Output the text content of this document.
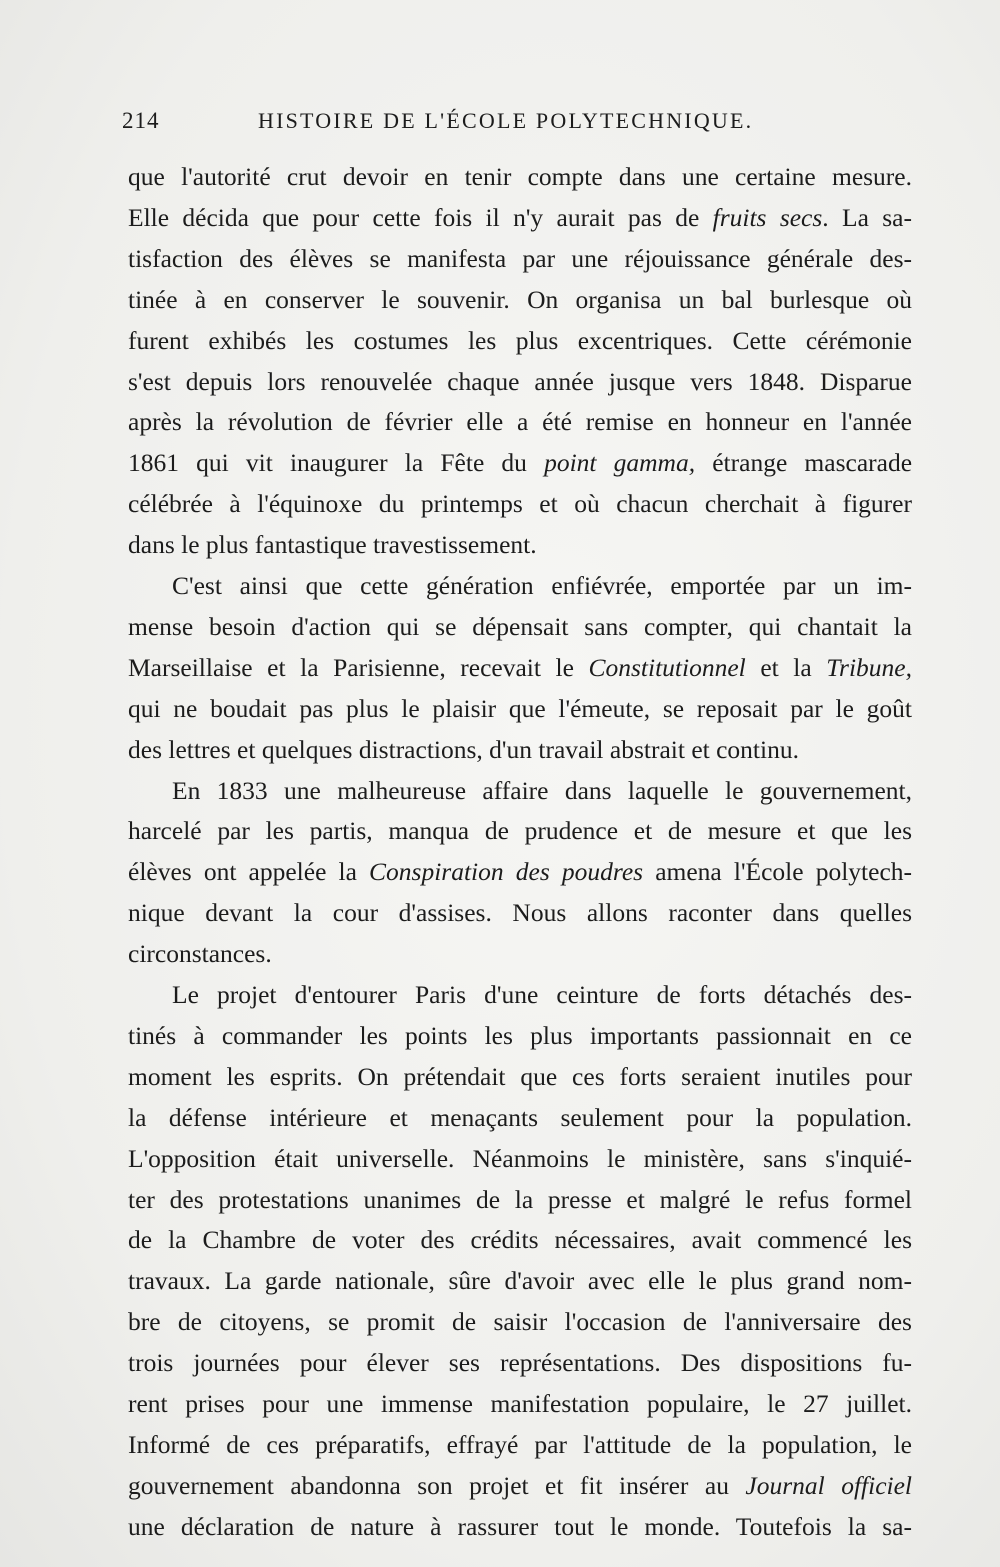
214	HISTOIRE DE L'ÉCOLE POLYTECHNIQUE.
que l'autorité crut devoir en tenir compte dans une certaine mesure.
Elle décida que pour cette fois il n'y aurait pas de fruits secs. La sa-
tisfaction des élèves se manifesta par une réjouissance générale des-
tinée à en conserver le souvenir. On organisa un bal burlesque où
furent exhibés les costumes les plus excentriques. Cette cérémonie
s'est depuis lors renouvelée chaque année jusque vers 1848. Disparue
après la révolution de février elle a été remise en honneur en l'année
1861 qui vit inaugurer la Fête du point gamma, étrange mascarade
célébrée à l'équinoxe du printemps et où chacun cherchait à figurer
dans le plus fantastique travestissement.
C'est ainsi que cette génération enfiévrée, emportée par un im-
mense besoin d'action qui se dépensait sans compter, qui chantait la
Marseillaise et la Parisienne, recevait le Constitutionnel et la Tribune,
qui ne boudait pas plus le plaisir que l'émeute, se reposait par le goût
des lettres et quelques distractions, d'un travail abstrait et continu.
En 1833 une malheureuse affaire dans laquelle le gouvernement,
harcelé par les partis, manqua de prudence et de mesure et que les
élèves ont appelée la Conspiration des poudres amena l'École polytech-
nique devant la cour d'assises. Nous allons raconter dans quelles
circonstances.
Le projet d'entourer Paris d'une ceinture de forts détachés des-
tinés à commander les points les plus importants passionnait en ce
moment les esprits. On prétendait que ces forts seraient inutiles pour
la défense intérieure et menaçants seulement pour la population.
L'opposition était universelle. Néanmoins le ministère, sans s'inquié-
ter des protestations unanimes de la presse et malgré le refus formel
de la Chambre de voter des crédits nécessaires, avait commencé les
travaux. La garde nationale, sûre d'avoir avec elle le plus grand nom-
bre de citoyens, se promit de saisir l'occasion de l'anniversaire des
trois journées pour élever ses représentations. Des dispositions fu-
rent prises pour une immense manifestation populaire, le 27 juillet.
Informé de ces préparatifs, effrayé par l'attitude de la population, le
gouvernement abandonna son projet et fit insérer au Journal officiel
une déclaration de nature à rassurer tout le monde. Toutefois la sa-
